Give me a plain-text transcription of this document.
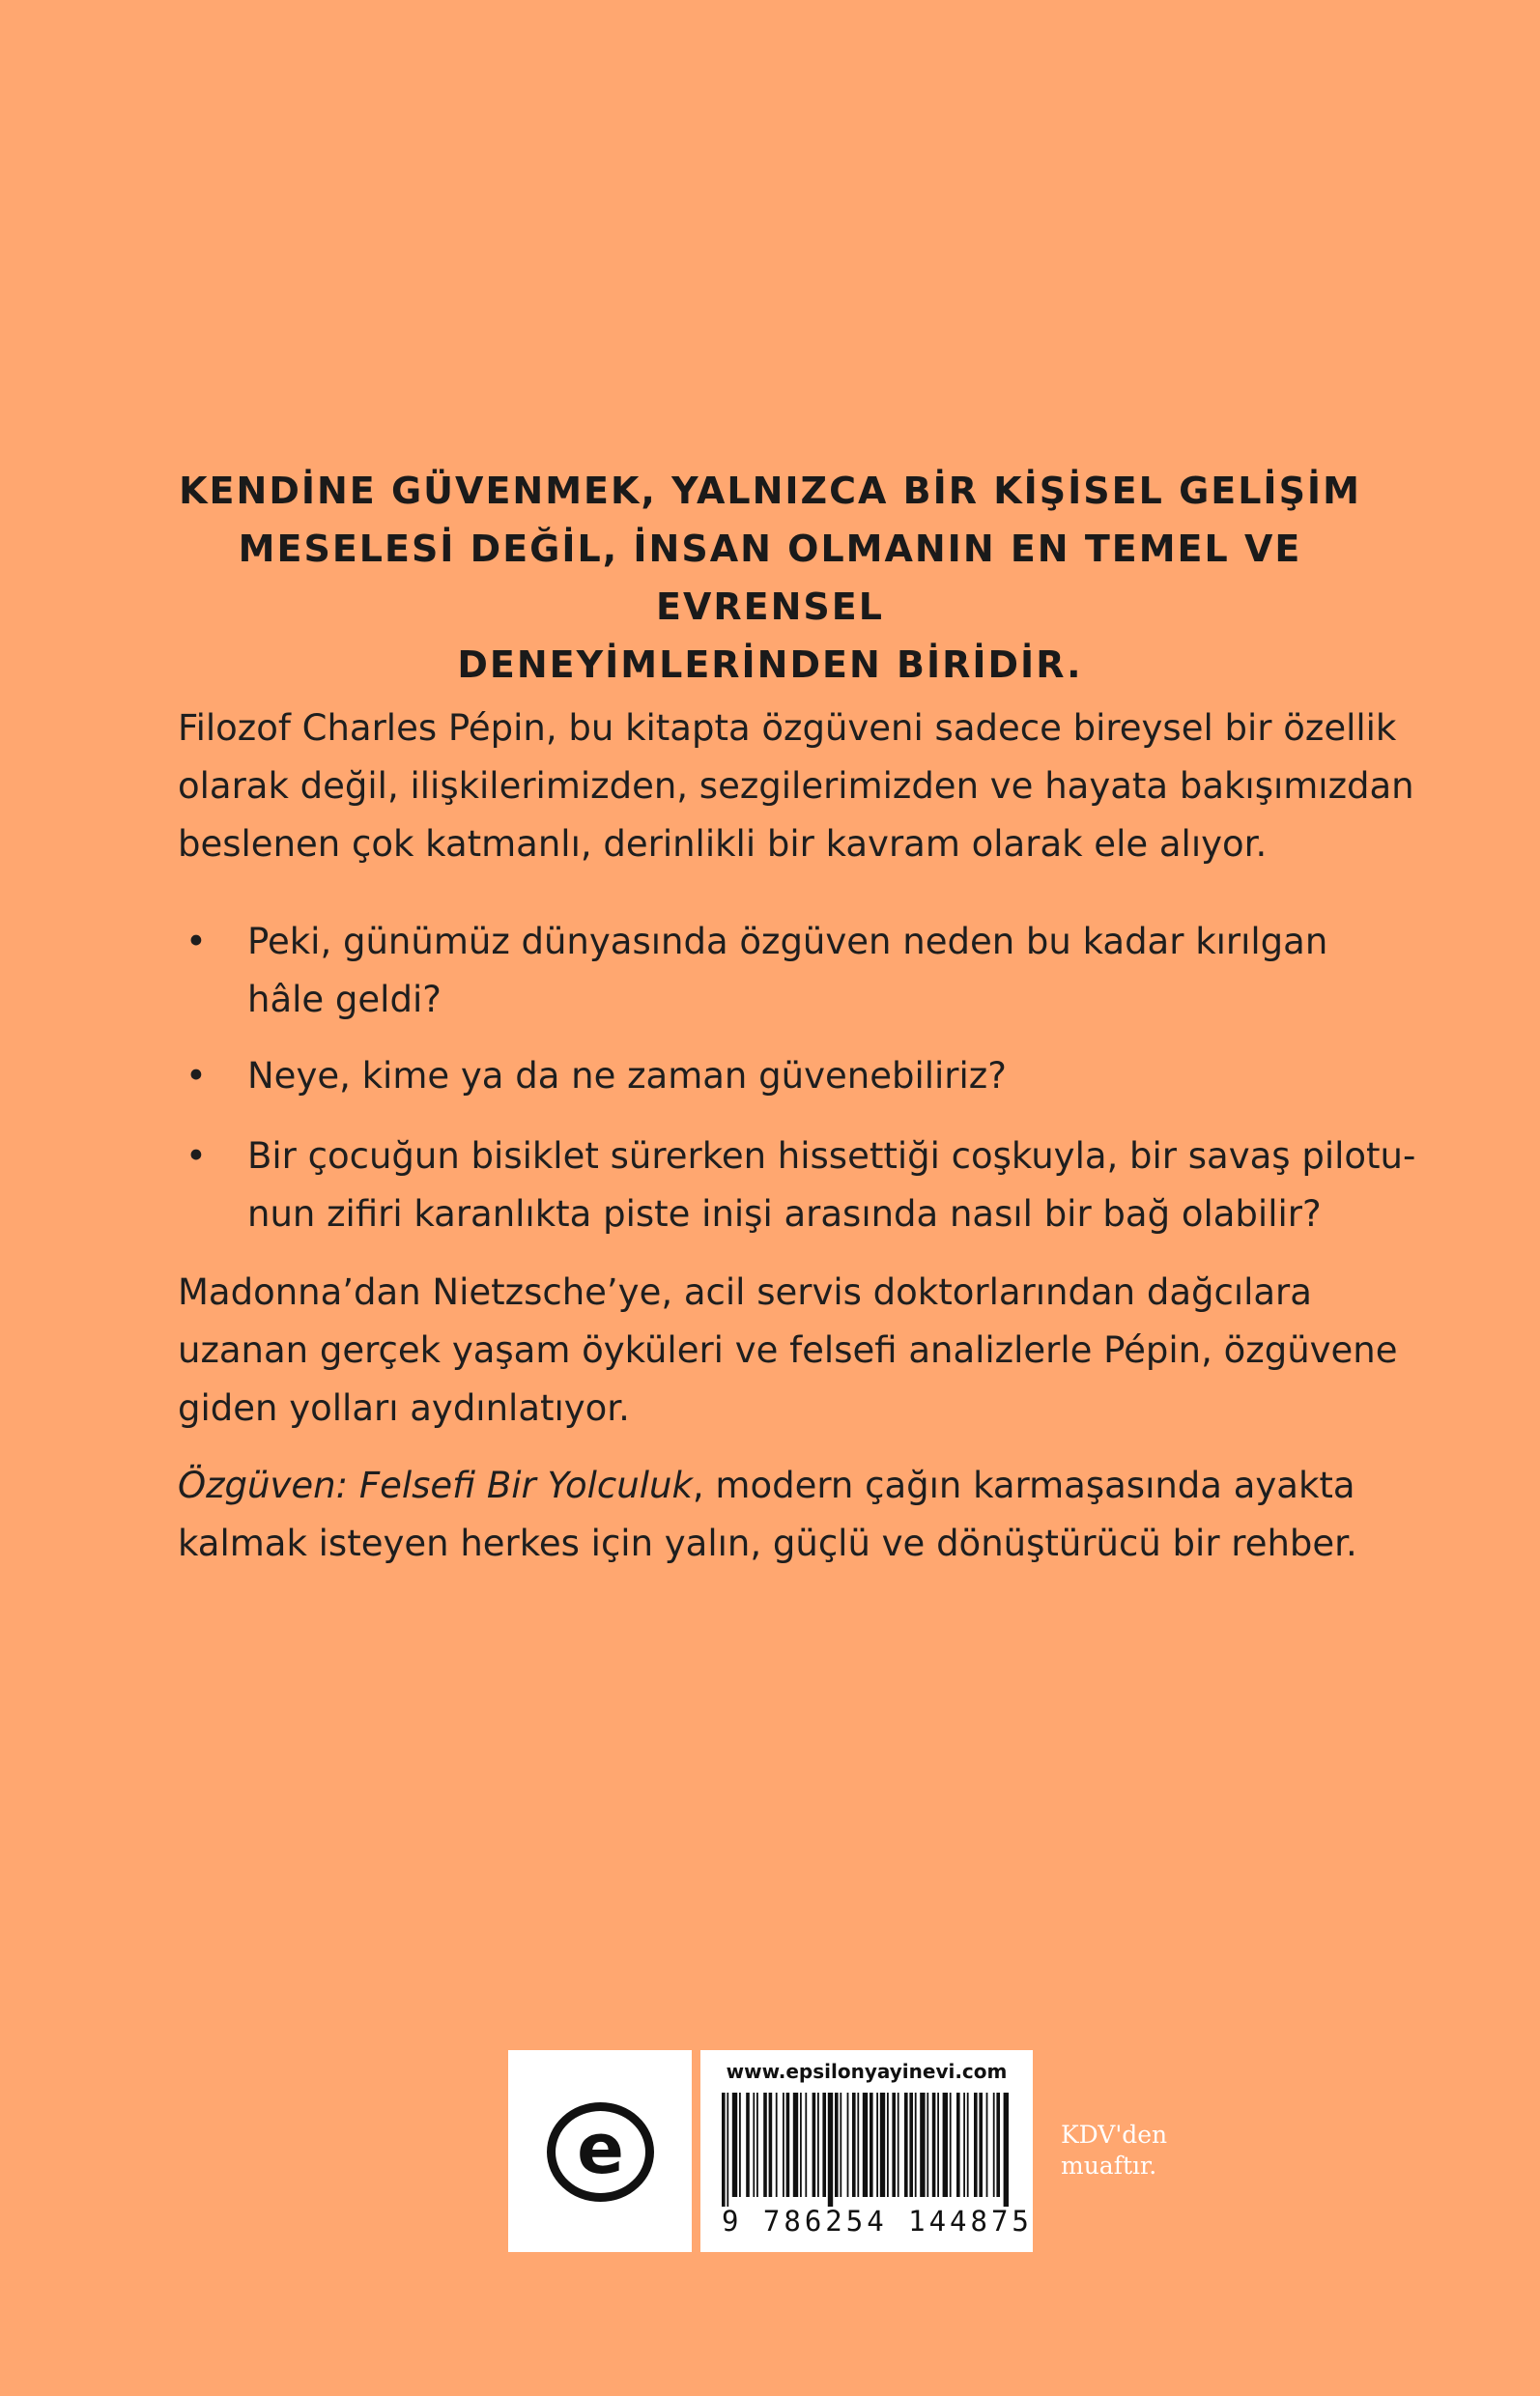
KENDİNE GÜVENMEK, YALNIZCA BİR KİŞİSEL GELİŞİM
MESELESİ DEĞİL, İNSAN OLMANIN EN TEMEL VE EVRENSEL
DENEYİMLERİNDEN BİRİDİR.
Filozof Charles Pépin, bu kitapta özgüveni sadece bireysel bir özellik
olarak değil, ilişkilerimizden, sezgilerimizden ve hayata bakışımızdan
beslenen çok katmanlı, derinlikli bir kavram olarak ele alıyor.
• Peki, günümüz dünyasında özgüven neden bu kadar kırılgan
hâle geldi?
• Neye, kime ya da ne zaman güvenebiliriz?
• Bir çocuğun bisiklet sürerken hissettiği coşkuyla, bir savaş pilotu-
nun zifiri karanlıkta piste inişi arasında nasıl bir bağ olabilir?
Madonna’dan Nietzsche’ye, acil servis doktorlarından dağcılara
uzanan gerçek yaşam öyküleri ve felsefi analizlerle Pépin, özgüvene
giden yolları aydınlatıyor.
Özgüven: Felsefi Bir Yolculuk, modern çağın karmaşasında ayakta
kalmak isteyen herkes için yalın, güçlü ve dönüştürücü bir rehber.
e
www.epsilonyayinevi.com
9 786254 144875
KDV'den
muaftır.
